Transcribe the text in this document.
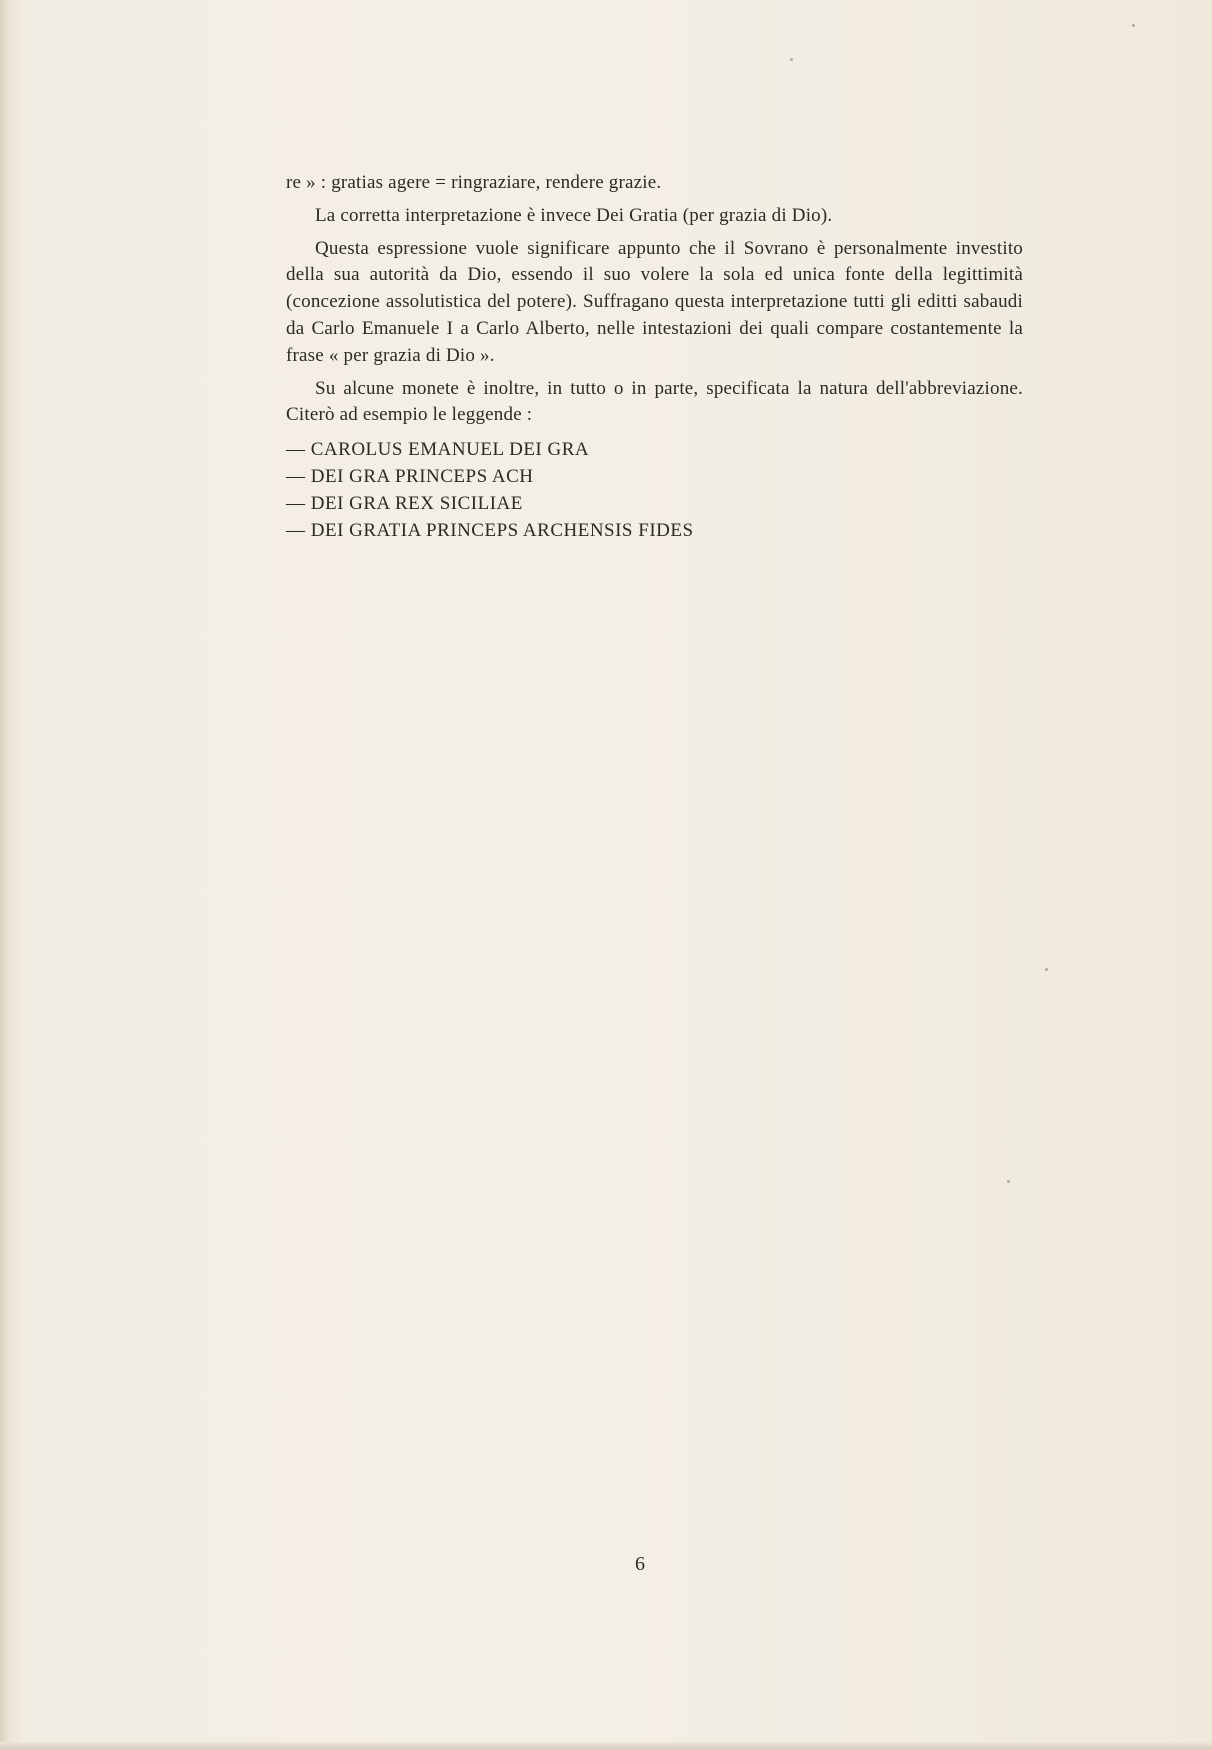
re » : gratias agere = ringraziare, rendere grazie.

La corretta interpretazione è invece Dei Gratia (per grazia di Dio).

Questa espressione vuole significare appunto che il Sovrano è personalmente investito della sua autorità da Dio, essendo il suo volere la sola ed unica fonte della legittimità (concezione assolutistica del potere). Suffragano questa interpretazione tutti gli editti sabaudi da Carlo Emanuele I a Carlo Alberto, nelle intestazioni dei quali compare costantemente la frase « per grazia di Dio ».

Su alcune monete è inoltre, in tutto o in parte, specificata la natura dell'abbreviazione. Citerò ad esempio le leggende :

— CAROLUS EMANUEL DEI GRA
— DEI GRA PRINCEPS ACH
— DEI GRA REX SICILIAE
— DEI GRATIA PRINCEPS ARCHENSIS FIDES
6
